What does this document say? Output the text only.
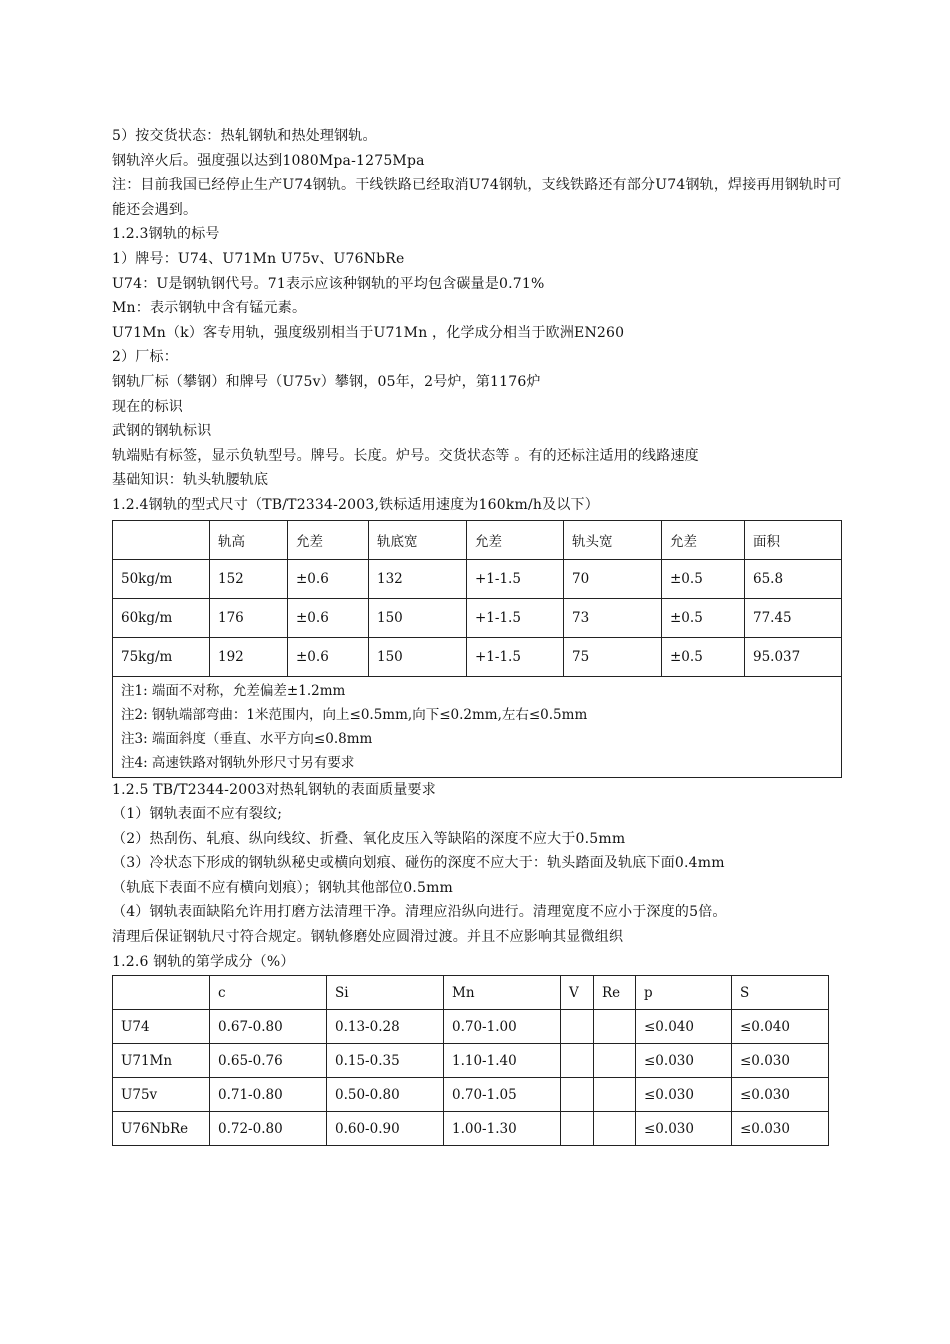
5）按交货状态：热轧钢轨和热处理钢轨。

钢轨淬火后。强度强以达到1080Mpa-1275Mpa

注：目前我国已经停止生产U74钢轨。干线铁路已经取消U74钢轨，支线铁路还有部分U74钢轨，焊接再用钢轨时可能还会遇到。

1.2.3钢轨的标号

1）牌号：U74、U71Mn U75v、U76NbRe

U74：U是钢轨钢代号。71表示应该种钢轨的平均包含碳量是0.71%

Mn：表示钢轨中含有锰元素。

U71Mn（k）客专用轨，强度级别相当于U71Mn ，化学成分相当于欧洲EN260

2）厂标：

钢轨厂标（攀钢）和牌号（U75v）攀钢，05年，2号炉，第1176炉

现在的标识

武钢的钢轨标识

轨端贴有标签，显示负轨型号。牌号。长度。炉号。交货状态等 。有的还标注适用的线路速度

基础知识：轨头轨腰轨底

1.2.4钢轨的型式尺寸（TB/T2334-2003,铁标适用速度为160km/h及以下）

	轨高	允差	轨底宽	允差	轨头宽	允差	面积
50kg/m	152	±0.6	132	+1-1.5	70	±0.5	65.8
60kg/m	176	±0.6	150	+1-1.5	73	±0.5	77.45
75kg/m	192	±0.6	150	+1-1.5	75	±0.5	95.037

注1: 端面不对称，允差偏差±1.2mm
注2: 钢轨端部弯曲：1米范围内，向上≤0.5mm,向下≤0.2mm,左右≤0.5mm
注3: 端面斜度（垂直、水平方向≤0.8mm
注4: 高速铁路对钢轨外形尺寸另有要求							

1.2.5 TB/T2344-2003对热轧钢轨的表面质量要求

（1）钢轨表面不应有裂纹;

（2）热刮伤、轧痕、纵向线纹、折叠、氧化皮压入等缺陷的深度不应大于0.5mm

（3）冷状态下形成的钢轨纵秘史或横向划痕、碰伤的深度不应大于：轨头踏面及轨底下面0.4mm

（轨底下表面不应有横向划痕）；钢轨其他部位0.5mm

（4）钢轨表面缺陷允许用打磨方法清理干净。清理应沿纵向进行。清理宽度不应小于深度的5倍。

清理后保证钢轨尺寸符合规定。钢轨修磨处应圆滑过渡。并且不应影响其显微组织

1.2.6 钢轨的第学成分（%）

	c	Si	Mn	V	Re	p	S
U74	0.67-0.80	0.13-0.28	0.70-1.00			≤0.040	≤0.040
U71Mn	0.65-0.76	0.15-0.35	1.10-1.40			≤0.030	≤0.030
U75v	0.71-0.80	0.50-0.80	0.70-1.05			≤0.030	≤0.030
U76NbRe	0.72-0.80	0.60-0.90	1.00-1.30			≤0.030	≤0.030
